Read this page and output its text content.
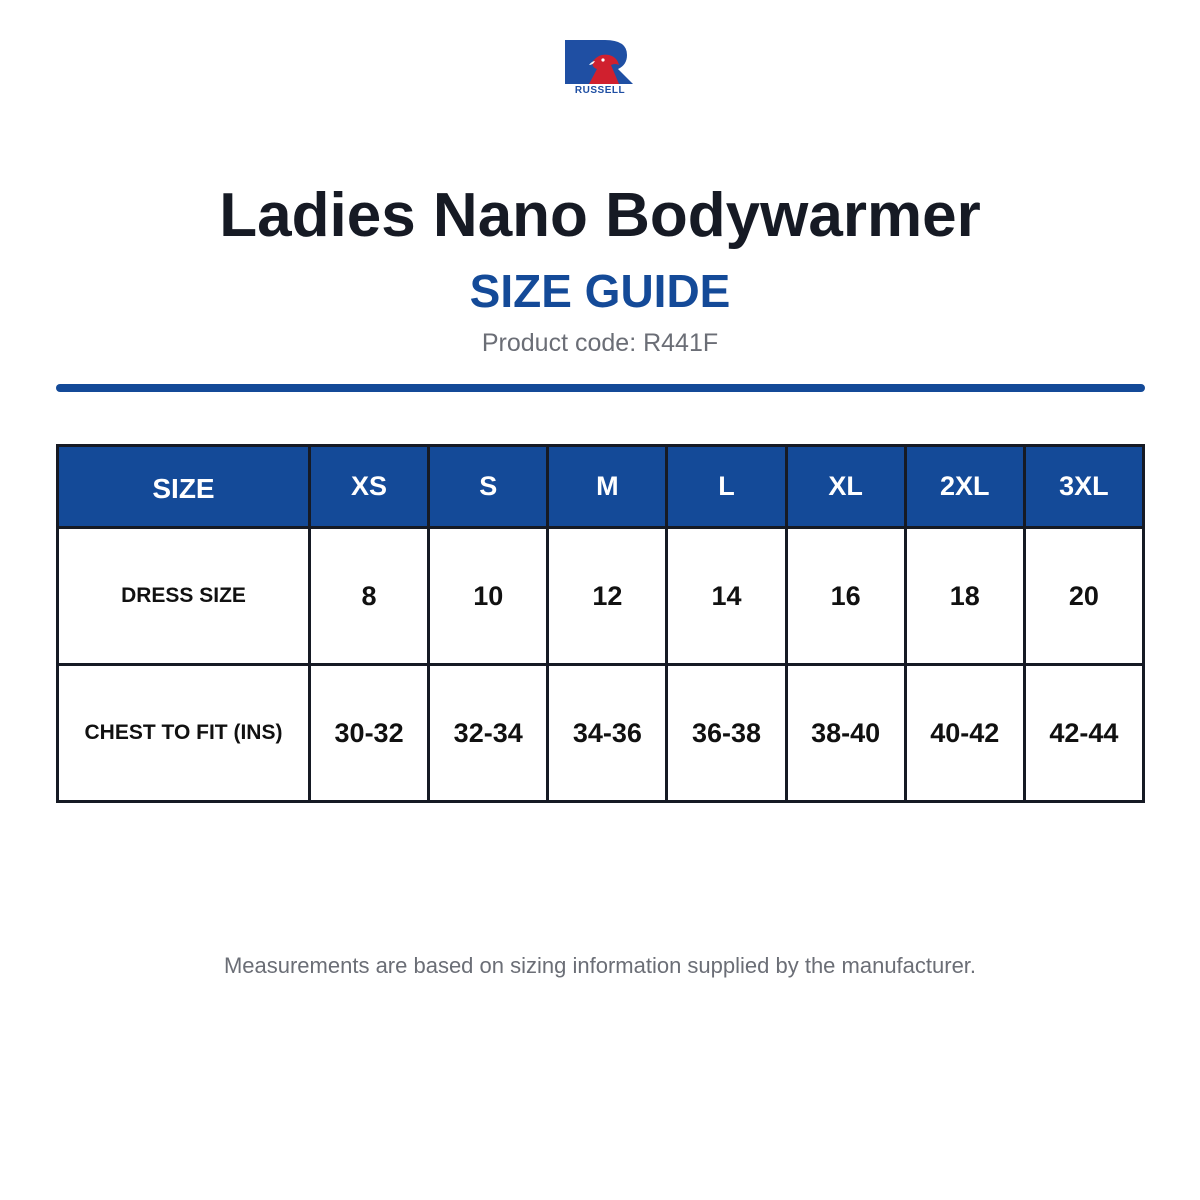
RUSSELL
Ladies Nano Bodywarmer
SIZE GUIDE
Product code: R441F
SIZE	XS	S	M	L	XL	2XL	3XL
DRESS SIZE	8	10	12	14	16	18	20
CHEST TO FIT (INS)	30-32	32-34	34-36	36-38	38-40	40-42	42-44
Measurements are based on sizing information supplied by the manufacturer.
